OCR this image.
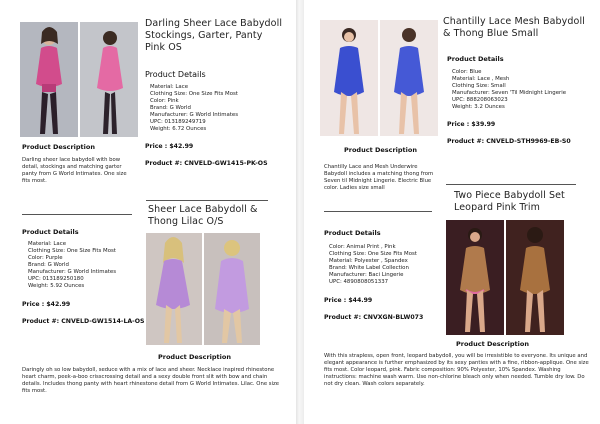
Darling Sheer Lace Babydoll Stockings, Garter, Panty Pink OS
Product Details
Material: Lace
Clothing Size: One Size Fits Most
Color: Pink
Brand: G World
Manufacturer: G World Intimates
UPC: 013189249719
Weight: 6.72 Ounces
Price : $42.99
Product #: CNVELD-GW1415-PK-OS
Product Description

Darling sheer lace babydoll with bow detail, stockings and matching garter panty from G World Intimates. One size fits most.

Sheer Lace Babydoll & Thong Lilac O/S
Product Details
Material: Lace
Clothing Size: One Size Fits Most
Color: Purple
Brand: G World
Manufacturer: G World Intimates
UPC: 013189250180
Weight: 5.92 Ounces
Price : $42.99
Product #: CNVELD-GW1514-LA-OS
Product Description

Daringly oh so low babydoll, seduce with a mix of lace and sheer. Necklace inspired rhinestone heart charm, peek-a-boo crisscrossing detail and a sexy double front slit with bow and chain details. Includes thong panty with heart rhinestone detail from G World Intimates. Lilac. One size fits most.

Chantilly Lace Mesh Babydoll & Thong Blue Small
Product Details
Color: Blue
Material: Lace , Mesh
Clothing Size: Small
Manufacturer: Seven 'Til Midnight Lingerie
UPC: 888208063023
Weight: 3.2 Ounces
Price : $39.99
Product #: CNVELD-STH9969-EB-S0
Product Description

Chantilly Lace and Mesh Underwire Babydoll includes a matching thong from Seven til Midnight Lingerie. Electric Blue color. Ladies size small

Two Piece Babydoll Set Leopard Pink Trim
Product Details
Color: Animal Print , Pink
Clothing Size: One Size Fits Most
Material: Polyester , Spandex
Brand: White Label Collection
Manufacturer: Baci Lingerie
UPC: 4890808051337
Price : $44.99
Product #: CNVXGN-BLW073
Product Description

With this strapless, open front, leopard babydoll, you will be irresistible to everyone. Its unique and elegant appearance is further emphasized by its sexy panties with a fine, ribbon-applique. One size fits most. Color leopard, pink. Fabric composition: 90% Polyester, 10% Spandex. Washing instructions: machine wash warm. Use non-chlorine bleach only when needed. Tumble dry low. Do not dry clean. Wash colors separately.
